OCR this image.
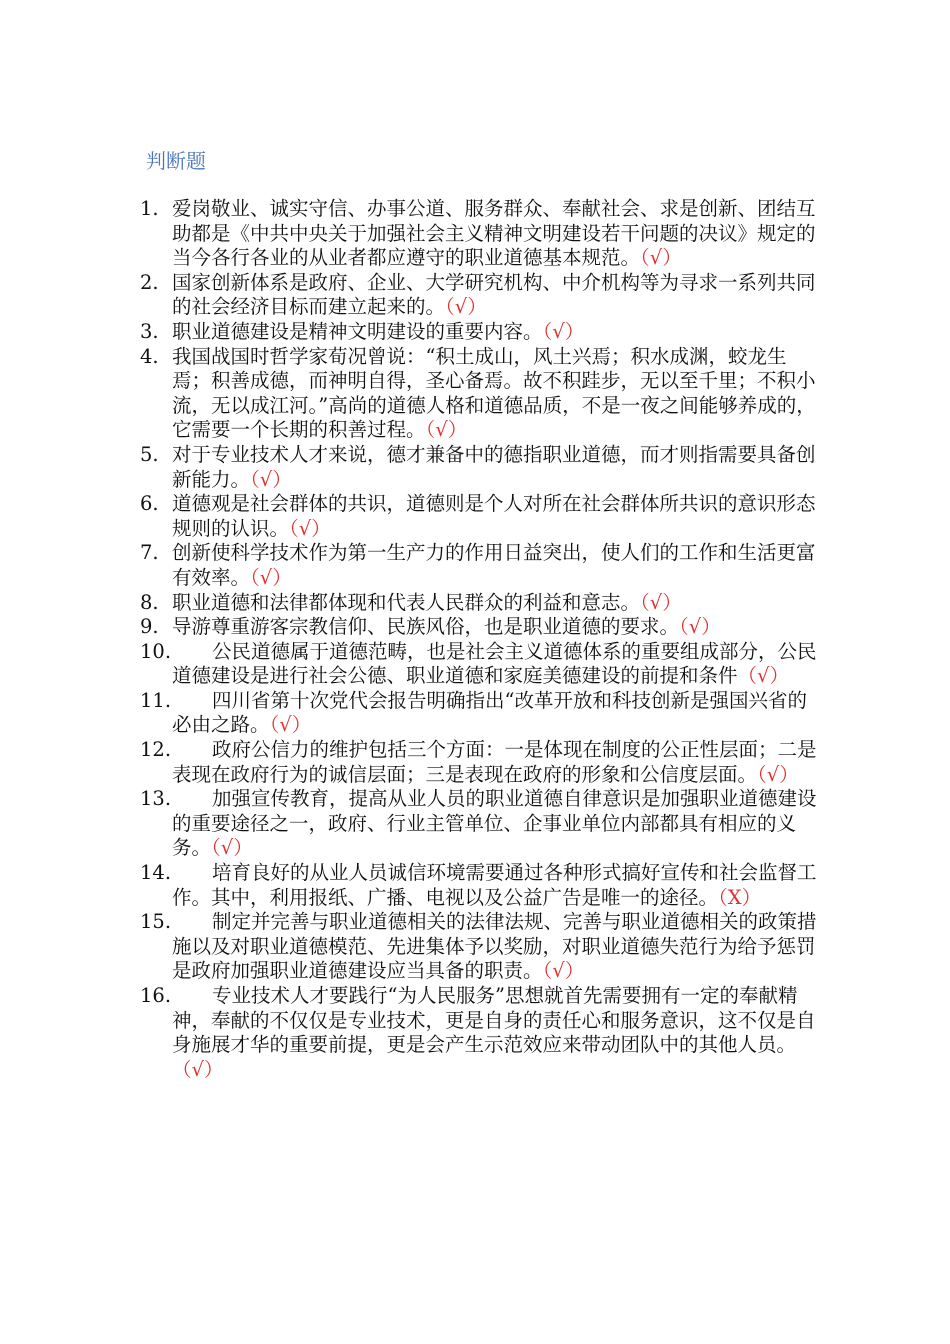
判断题

1. 爱岗敬业、诚实守信、办事公道、服务群众、奉献社会、求是创新、团结互助都是《中共中央关于加强社会主义精神文明建设若干问题的决议》规定的当今各行各业的从业者都应遵守的职业道德基本规范。（√）

2. 国家创新体系是政府、企业、大学研究机构、中介机构等为寻求一系列共同的社会经济目标而建立起来的。（√）

3. 职业道德建设是精神文明建设的重要内容。（√）

4. 我国战国时哲学家荀况曾说：“积土成山，风土兴焉；积水成渊，蛟龙生焉；积善成德，而神明自得，圣心备焉。故不积跬步，无以至千里；不积小流，无以成江河。”高尚的道德人格和道德品质，不是一夜之间能够养成的，它需要一个长期的积善过程。（√）

5. 对于专业技术人才来说，德才兼备中的德指职业道德，而才则指需要具备创新能力。（√）

6. 道德观是社会群体的共识，道德则是个人对所在社会群体所共识的意识形态规则的认识。（√）

7. 创新使科学技术作为第一生产力的作用日益突出，使人们的工作和生活更富有效率。（√）

8. 职业道德和法律都体现和代表人民群众的利益和意志。（√）

9. 导游尊重游客宗教信仰、民族风俗，也是职业道德的要求。（√）

10. 公民道德属于道德范畴，也是社会主义道德体系的重要组成部分，公民道德建设是进行社会公德、职业道德和家庭美德建设的前提和条件（√）

11. 四川省第十次党代会报告明确指出“改革开放和科技创新是强国兴省的必由之路。（√）

12. 政府公信力的维护包括三个方面：一是体现在制度的公正性层面；二是表现在政府行为的诚信层面；三是表现在政府的形象和公信度层面。（√）

13. 加强宣传教育，提高从业人员的职业道德自律意识是加强职业道德建设的重要途径之一，政府、行业主管单位、企事业单位内部都具有相应的义务。（√）

14. 培育良好的从业人员诚信环境需要通过各种形式搞好宣传和社会监督工作。其中，利用报纸、广播、电视以及公益广告是唯一的途径。（X）

15. 制定并完善与职业道德相关的法律法规、完善与职业道德相关的政策措施以及对职业道德模范、先进集体予以奖励，对职业道德失范行为给予惩罚是政府加强职业道德建设应当具备的职责。（√）

16. 专业技术人才要践行“为人民服务”思想就首先需要拥有一定的奉献精神，奉献的不仅仅是专业技术，更是自身的责任心和服务意识，这不仅是自身施展才华的重要前提，更是会产生示范效应来带动团队中的其他人员。（√）
